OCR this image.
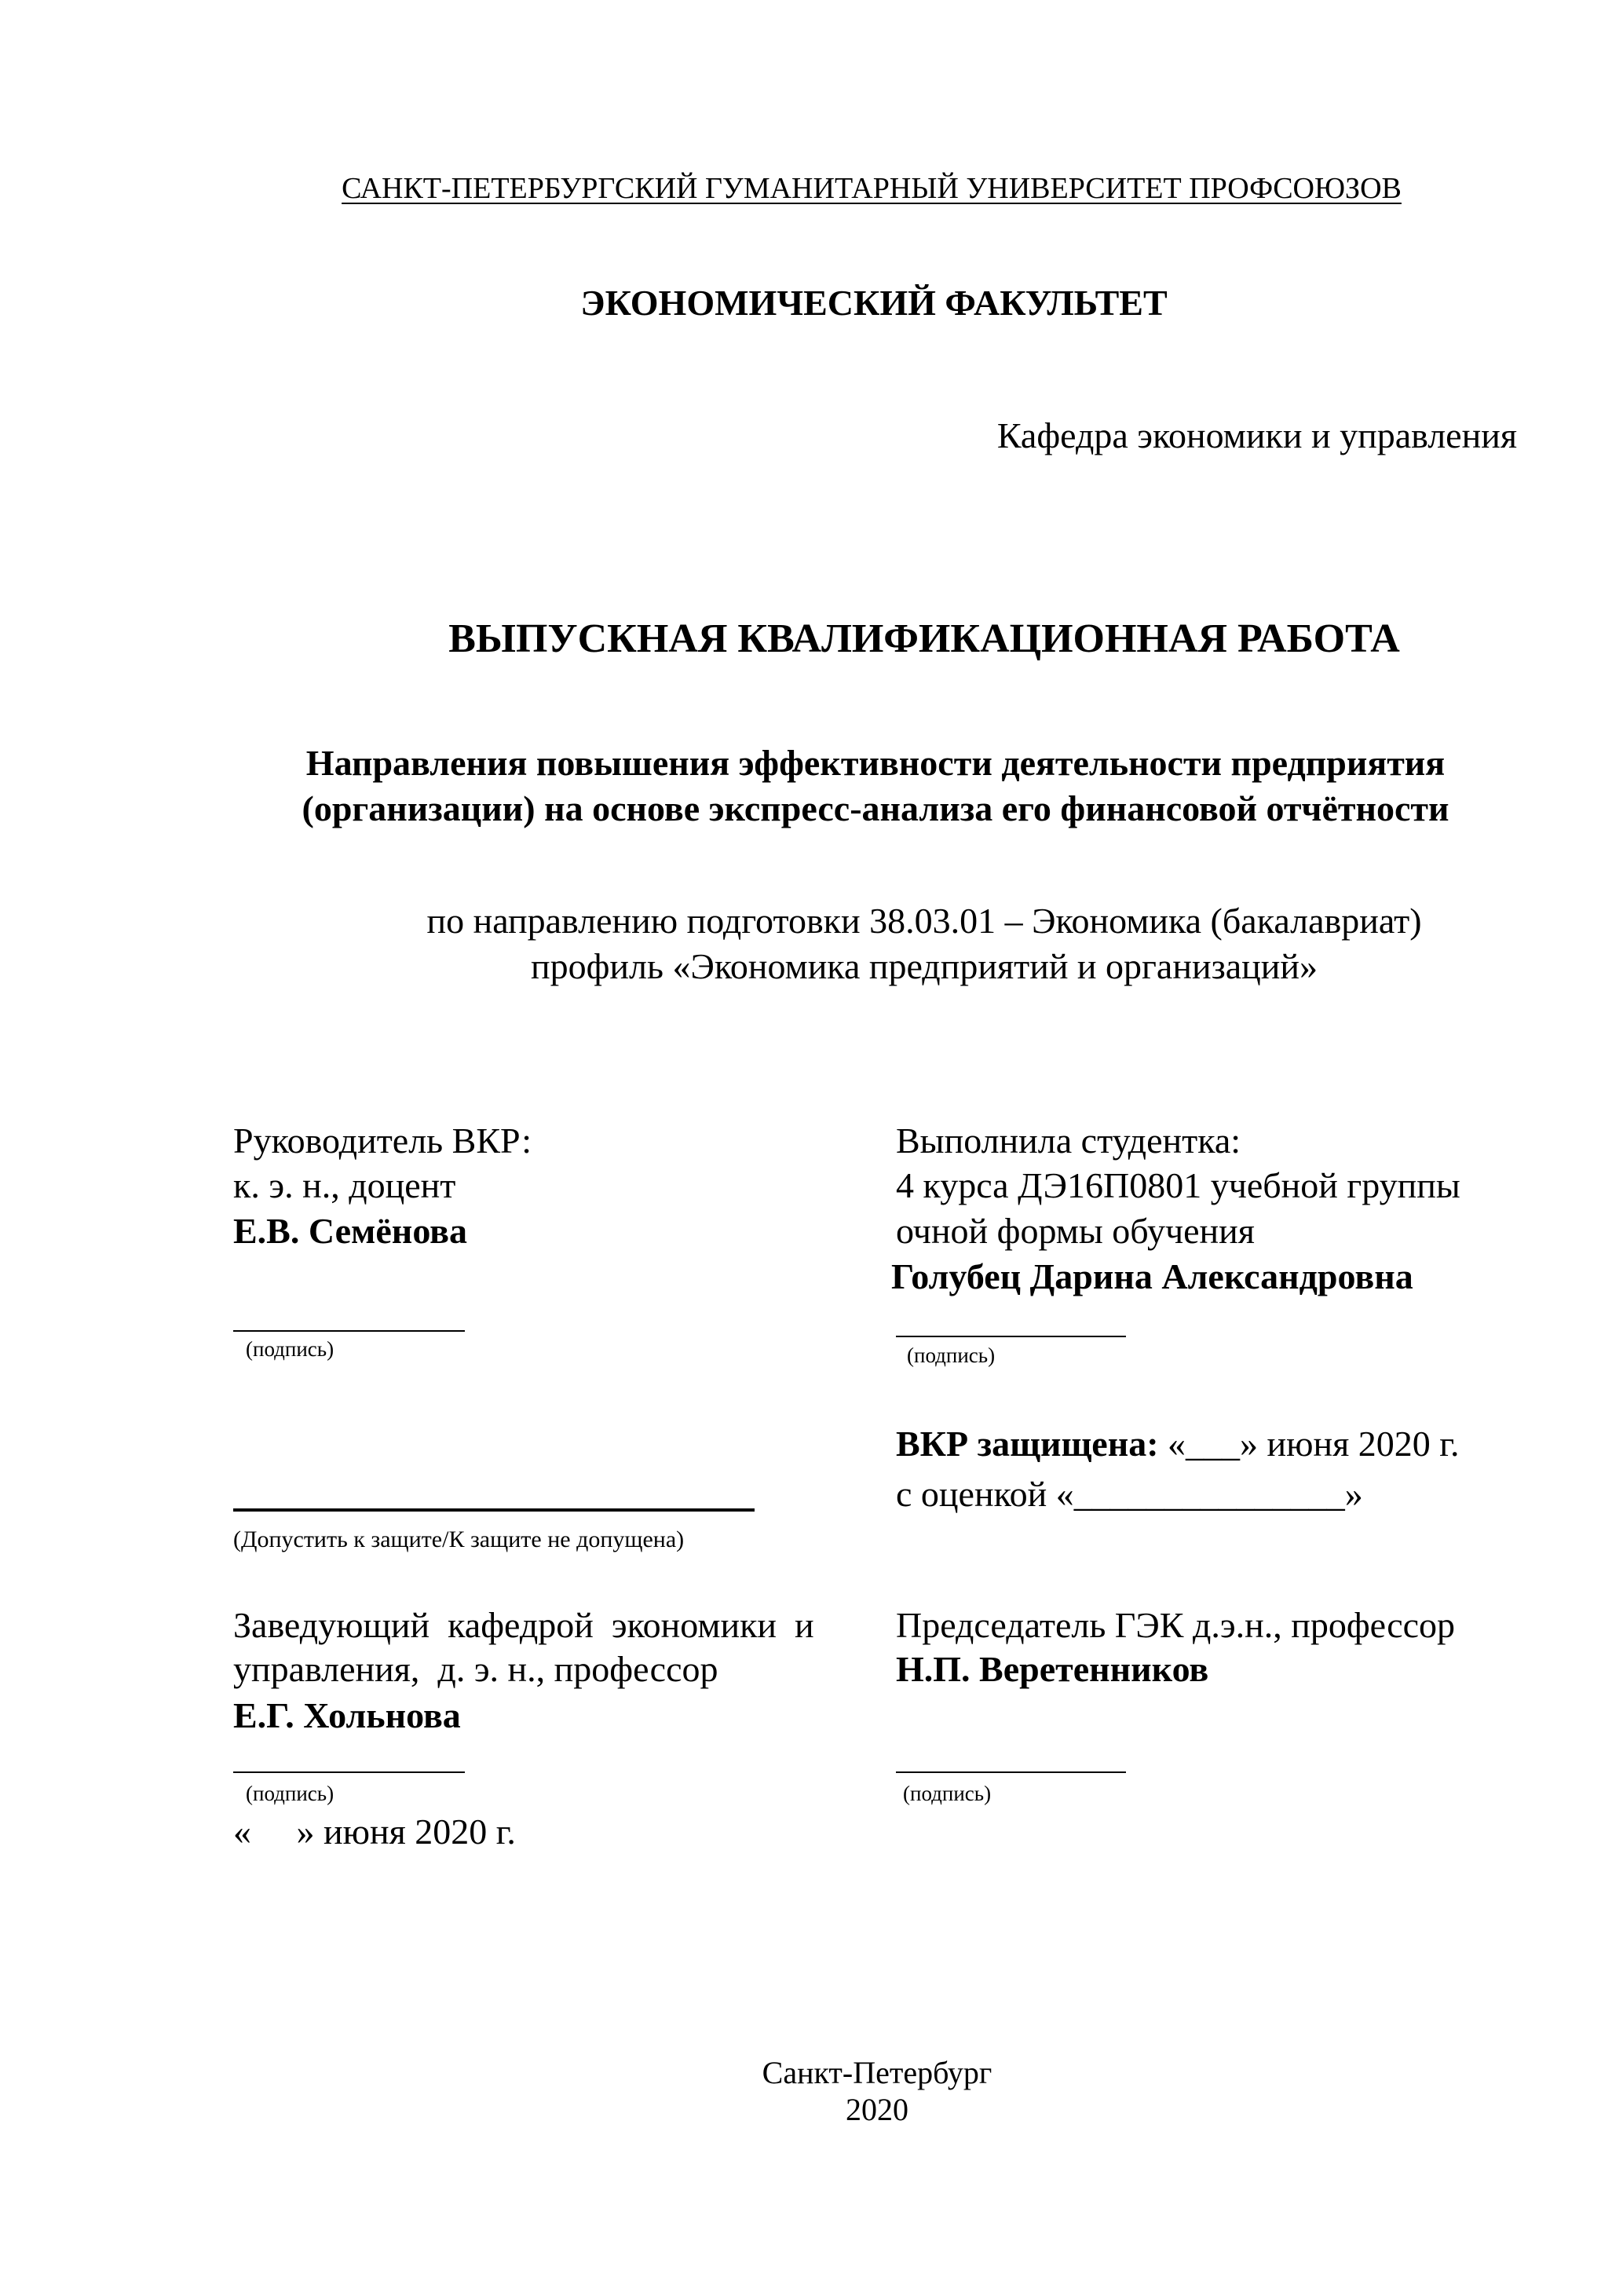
САНКТ-ПЕТЕРБУРГСКИЙ ГУМАНИТАРНЫЙ УНИВЕРСИТЕТ ПРОФСОЮЗОВ
ЭКОНОМИЧЕСКИЙ ФАКУЛЬТЕТ
Кафедра экономики и управления
ВЫПУСКНАЯ КВАЛИФИКАЦИОННАЯ РАБОТА
Направления повышения эффективности деятельности предприятия
(организации) на основе экспресс-анализа его финансовой отчётности
по направлению подготовки 38.03.01 – Экономика (бакалавриат)
профиль «Экономика предприятий и организаций»
Руководитель ВКР:
к. э. н., доцент
Е.В. Семёнова
(подпись)
Выполнила студентка:
4 курса ДЭ16П0801 учебной группы
очной формы обучения
Голубец Дарина Александровна
(подпись)
ВКР защищена: «___» июня 2020 г.
с оценкой «_______________»
(Допустить к защите/К защите не допущена)
Заведующий  кафедрой  экономики  и
управления,  д. э. н., профессор
Е.Г. Хольнова
(подпись)
«     » июня 2020 г.
Председатель ГЭК д.э.н., профессор
Н.П. Веретенников
(подпись)
Санкт-Петербург
2020
